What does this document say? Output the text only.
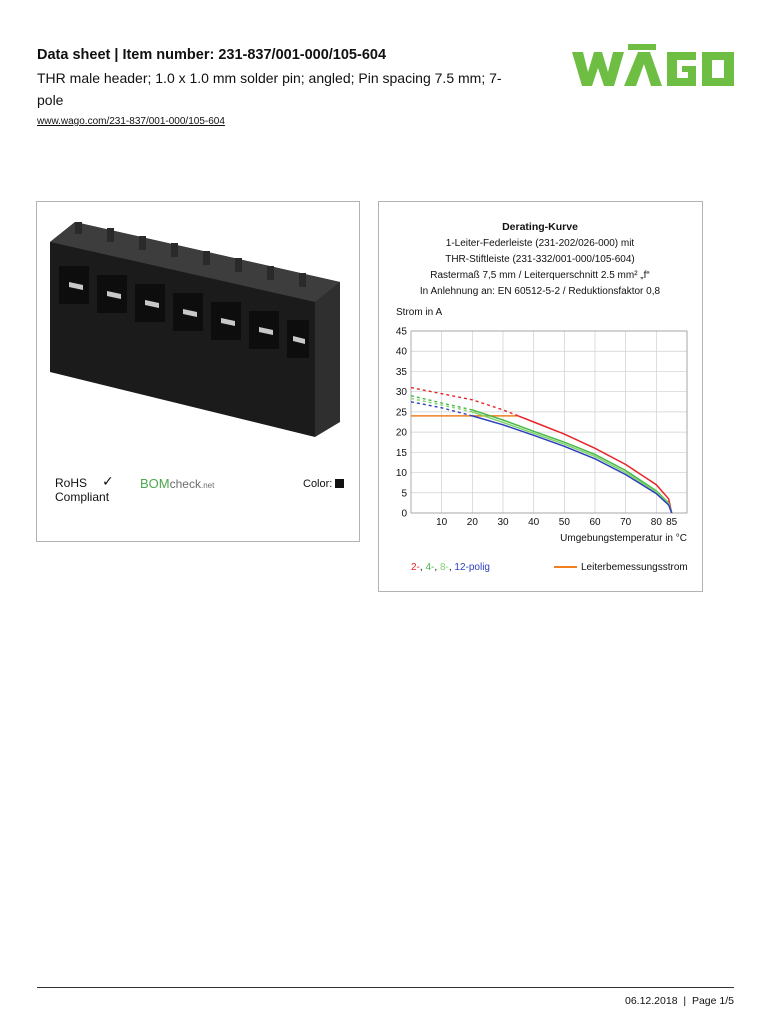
Data sheet | Item number: 231-837/001-000/105-604
THR male header; 1.0 x 1.0 mm solder pin; angled; Pin spacing 7.5 mm; 7-pole
www.wago.com/231-837/001-000/105-604
RoHS
Compliant
✓ BOMcheck.net	Color:
Derating-Kurve
1-Leiter-Federleiste (231-202/026-000) mit
THR-Stiftleiste (231-332/001-000/105-604)
Rastermaß 7,5 mm / Leiterquerschnitt 2.5 mm² „f“
In Anlehnung an: EN 60512-5-2 / Reduktionsfaktor 0,8
Strom in A
Umgebungstemperatur in °C
0
5
10
15
20
25
30
35
40
45
10 20 30 40 50 60 70 80 85
2-, 4-, 8-, 12-polig	Leiterbemessungsstrom
06.12.2018  |  Page 1/5
